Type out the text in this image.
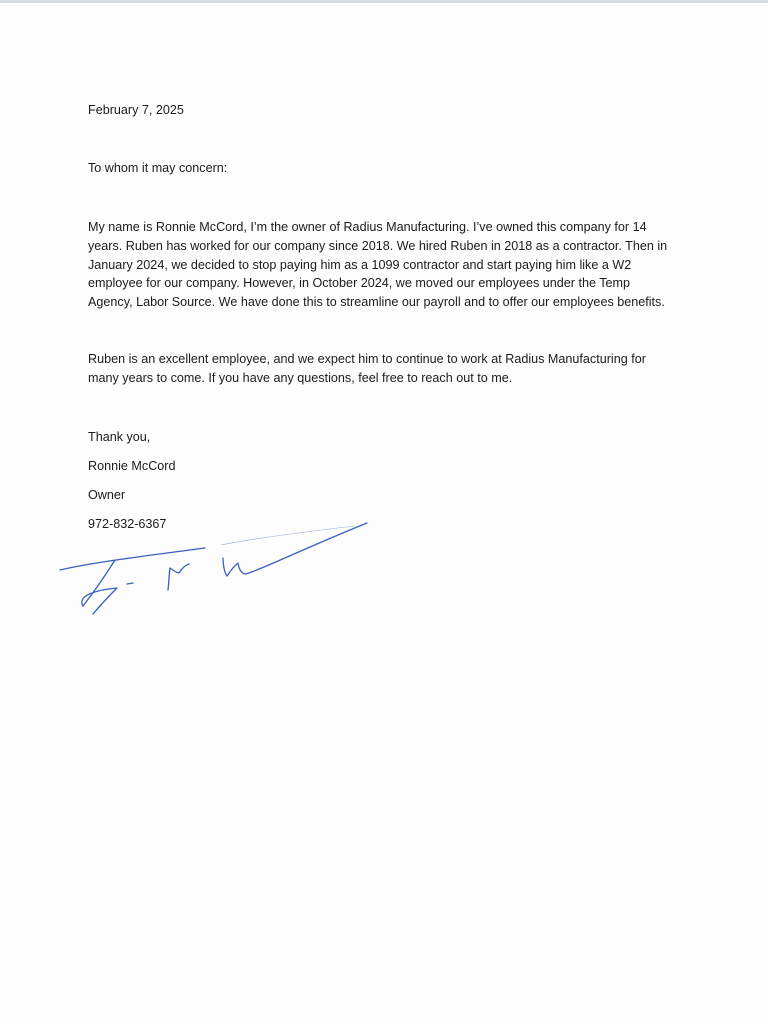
February 7, 2025
To whom it may concern:
My name is Ronnie McCord, I’m the owner of Radius Manufacturing. I’ve owned this company for 14
years. Ruben has worked for our company since 2018. We hired Ruben in 2018 as a contractor. Then in
January 2024, we decided to stop paying him as a 1099 contractor and start paying him like a W2
employee for our company. However, in October 2024, we moved our employees under the Temp
Agency, Labor Source. We have done this to streamline our payroll and to offer our employees benefits.
Ruben is an excellent employee, and we expect him to continue to work at Radius Manufacturing for
many years to come. If you have any questions, feel free to reach out to me.
Thank you,
Ronnie McCord
Owner
972-832-6367
